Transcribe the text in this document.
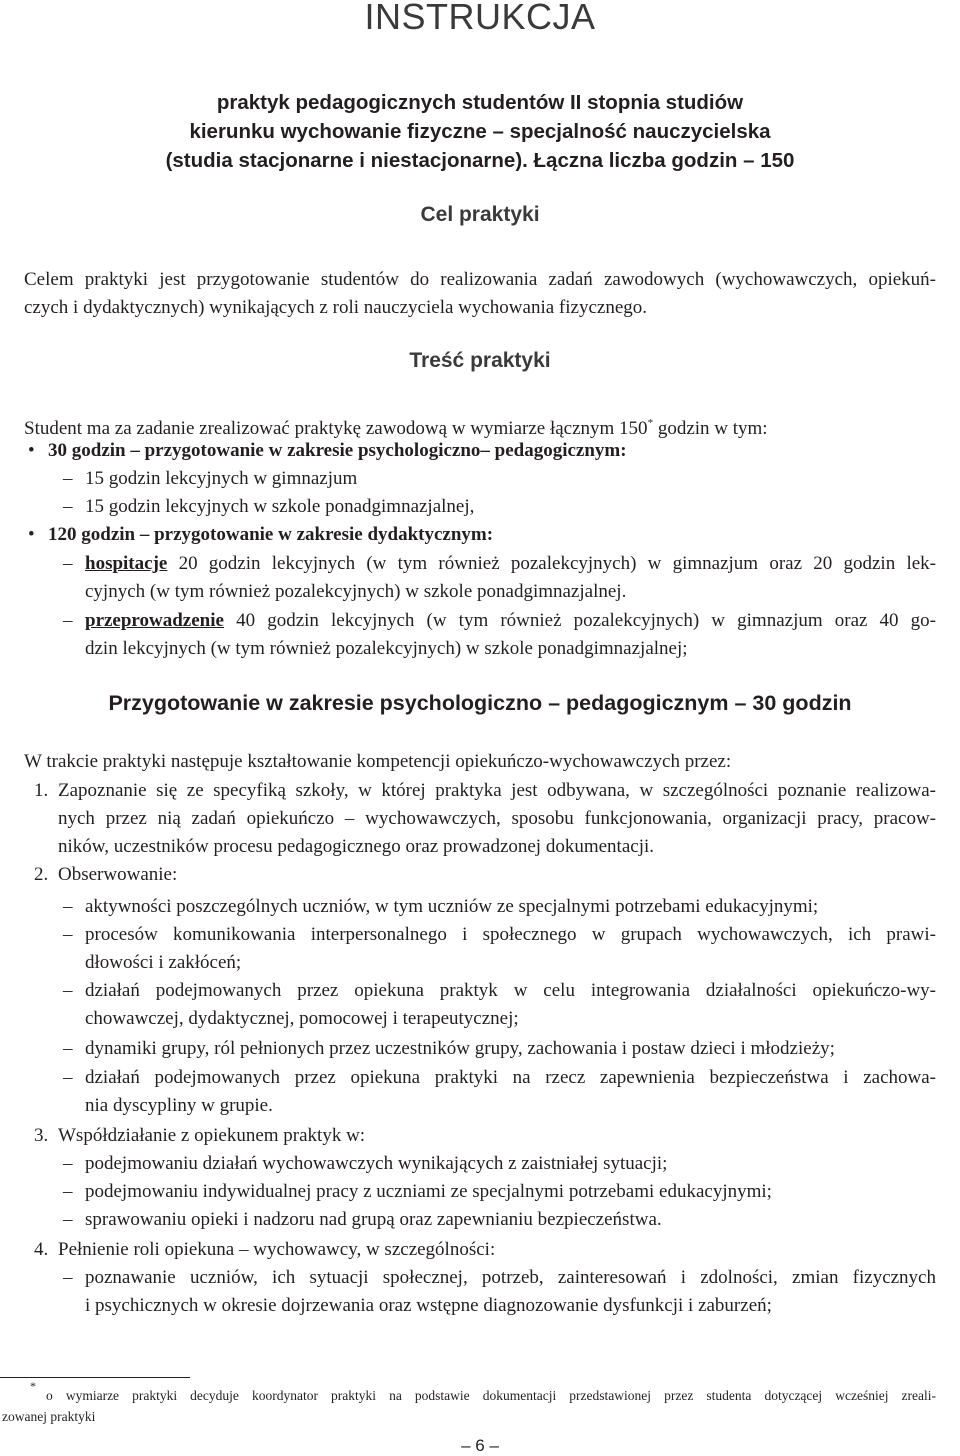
INSTRUKCJA
praktyk pedagogicznych studentów II stopnia studiów
kierunku wychowanie fizyczne – specjalność nauczycielska
(studia stacjonarne i niestacjonarne). Łączna liczba godzin – 150
Cel praktyki
Celem praktyki jest przygotowanie studentów do realizowania zadań zawodowych (wychowawczych, opiekuń-
czych i dydaktycznych) wynikających z roli nauczyciela wychowania fizycznego.
Treść praktyki
Student ma za zadanie zrealizować praktykę zawodową w wymiarze łącznym 150* godzin w tym:
• 30 godzin – przygotowanie w zakresie psychologiczno– pedagogicznym:
– 15 godzin lekcyjnych w gimnazjum
– 15 godzin lekcyjnych w szkole ponadgimnazjalnej,
• 120 godzin – przygotowanie w zakresie dydaktycznym:
– hospitacje 20 godzin lekcyjnych (w tym również pozalekcyjnych) w gimnazjum oraz 20 godzin lek-
cyjnych (w tym również pozalekcyjnych) w szkole ponadgimnazjalnej.
– przeprowadzenie 40 godzin lekcyjnych (w tym również pozalekcyjnych) w gimnazjum oraz 40 go-
dzin lekcyjnych (w tym również pozalekcyjnych) w szkole ponadgimnazjalnej;
Przygotowanie w zakresie psychologiczno – pedagogicznym – 30 godzin
W trakcie praktyki następuje kształtowanie kompetencji opiekuńczo-wychowawczych przez:
1. Zapoznanie się ze specyfiką szkoły, w której praktyka jest odbywana, w szczególności poznanie realizowa-
nych przez nią zadań opiekuńczo – wychowawczych, sposobu funkcjonowania, organizacji pracy, pracow-
ników, uczestników procesu pedagogicznego oraz prowadzonej dokumentacji.
2. Obserwowanie:
– aktywności poszczególnych uczniów, w tym uczniów ze specjalnymi potrzebami edukacyjnymi;
– procesów komunikowania interpersonalnego i społecznego w grupach wychowawczych, ich prawi-
dłowości i zakłóceń;
– działań podejmowanych przez opiekuna praktyk w celu integrowania działalności opiekuńczo-wy-
chowawczej, dydaktycznej, pomocowej i terapeutycznej;
– dynamiki grupy, ról pełnionych przez uczestników grupy, zachowania i postaw dzieci i młodzieży;
– działań podejmowanych przez opiekuna praktyki na rzecz zapewnienia bezpieczeństwa i zachowa-
nia dyscypliny w grupie.
3. Współdziałanie z opiekunem praktyk w:
– podejmowaniu działań wychowawczych wynikających z zaistniałej sytuacji;
– podejmowaniu indywidualnej pracy z uczniami ze specjalnymi potrzebami edukacyjnymi;
– sprawowaniu opieki i nadzoru nad grupą oraz zapewnianiu bezpieczeństwa.
4. Pełnienie roli opiekuna – wychowawcy, w szczególności:
– poznawanie uczniów, ich sytuacji społecznej, potrzeb, zainteresowań i zdolności, zmian fizycznych
i psychicznych w okresie dojrzewania oraz wstępne diagnozowanie dysfunkcji i zaburzeń;
*
o wymiarze praktyki decyduje koordynator praktyki na podstawie dokumentacji przedstawionej przez studenta dotyczącej wcześniej zreali-
zowanej praktyki
– 6 –
